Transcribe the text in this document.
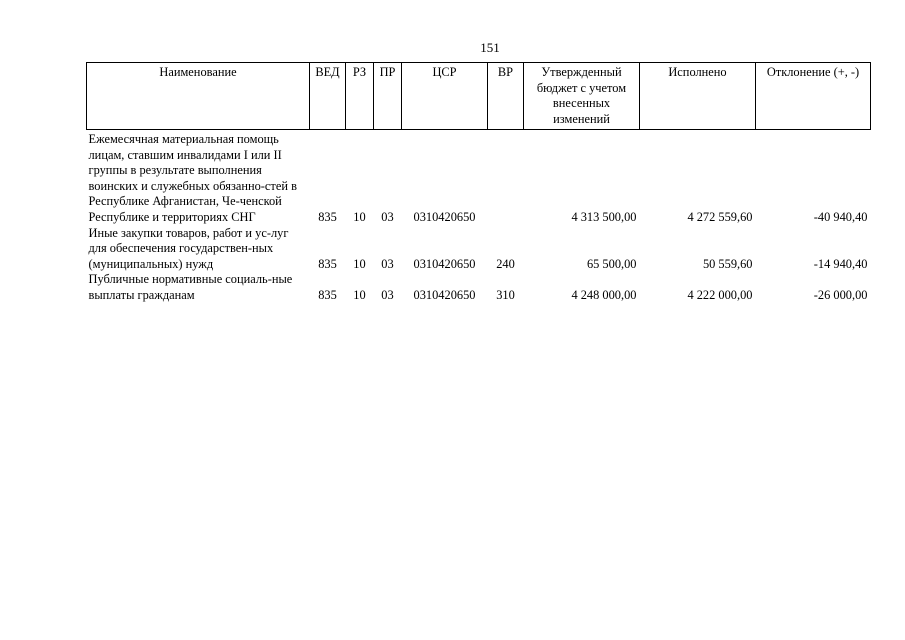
151
Наименование	ВЕД	РЗ	ПР	ЦСР	ВР	Утвержденный бюджет с учетом внесенных изменений	Исполнено	Отклонение (+, -)
Ежемесячная материальная помощь лицам, ставшим инвалидами I или II группы в результате выполнения воинских и служебных обязанно-стей в Республике Афганистан, Че-ченской Республике и территориях СНГ	835	10	03	0310420650		4 313 500,00	4 272 559,60	-40 940,40
Иные закупки товаров, работ и ус-луг для обеспечения государствен-ных (муниципальных) нужд	835	10	03	0310420650	240	65 500,00	50 559,60	-14 940,40
Публичные нормативные социаль-ные выплаты гражданам	835	10	03	0310420650	310	4 248 000,00	4 222 000,00	-26 000,00
